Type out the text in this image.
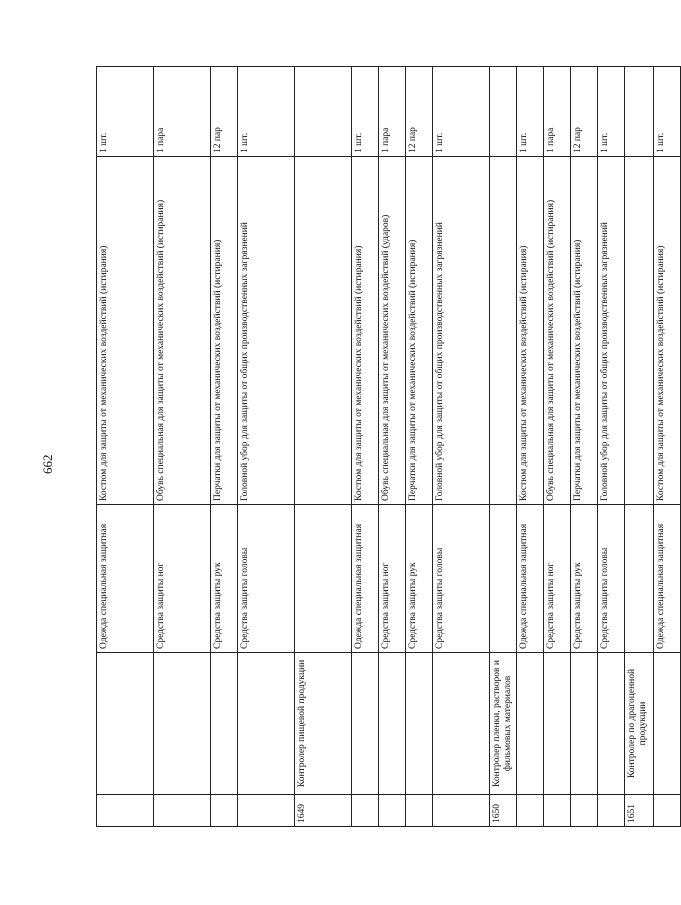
662
		Одежда специальная защитная	Костюм для защиты от механических воздействий (истирания)	1 шт.
		Средства защиты ног	Обувь специальная для защиты от механических воздействий (истирания)	1 пара
		Средства защиты рук	Перчатки для защиты от механических воздействий (истирания)	12 пар
		Средства защиты головы	Головной убор для защиты от общих производственных загрязнений	1 шт.
1649	Контролер пищевой продукции			
		Одежда специальная защитная	Костюм для защиты от механических воздействий (истирания)	1 шт.
		Средства защиты ног	Обувь специальная для защиты от механических воздействий (ударов)	1 пара
		Средства защиты рук	Перчатки для защиты от механических воздействий (истирания)	12 пар
		Средства защиты головы	Головной убор для защиты от общих производственных загрязнений	1 шт.
1650	Контролер пленки, растворов и фильмовых материалов			
		Одежда специальная защитная	Костюм для защиты от механических воздействий (истирания)	1 шт.
		Средства защиты ног	Обувь специальная для защиты от механических воздействий (истирания)	1 пара
		Средства защиты рук	Перчатки для защиты от механических воздействий (истирания)	12 пар
		Средства защиты головы	Головной убор для защиты от общих производственных загрязнений	1 шт.
1651	Контролер по драгоценной продукции			
		Одежда специальная защитная	Костюм для защиты от механических воздействий (истирания)	1 шт.
